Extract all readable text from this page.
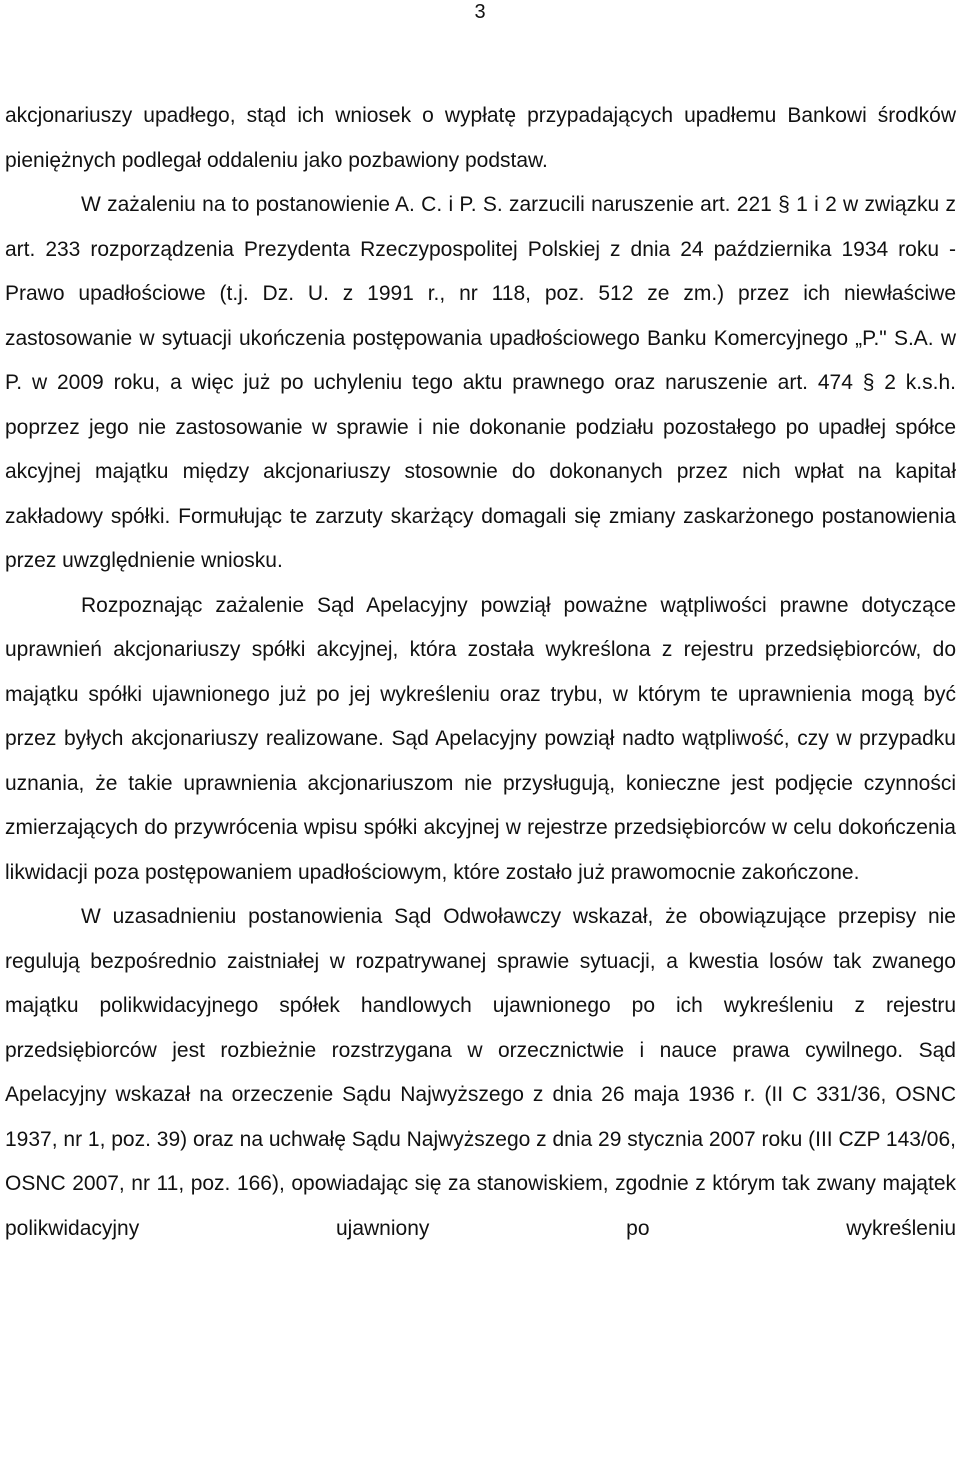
3

akcjonariuszy upadłego, stąd ich wniosek o wypłatę przypadających upadłemu Bankowi środków pieniężnych podlegał oddaleniu jako pozbawiony podstaw.

W zażaleniu na to postanowienie A. C. i P. S. zarzucili naruszenie art. 221 § 1 i 2 w związku z art. 233 rozporządzenia Prezydenta Rzeczypospolitej Polskiej z dnia 24 października 1934 roku - Prawo upadłościowe (t.j. Dz. U. z 1991 r., nr 118, poz. 512 ze zm.) przez ich niewłaściwe zastosowanie w sytuacji ukończenia postępowania upadłościowego Banku Komercyjnego „P." S.A. w P. w 2009 roku, a więc już po uchyleniu tego aktu prawnego oraz naruszenie art. 474 § 2 k.s.h. poprzez jego nie zastosowanie w sprawie i nie dokonanie podziału pozostałego po upadłej spółce akcyjnej majątku między akcjonariuszy stosownie do dokonanych przez nich wpłat na kapitał zakładowy spółki. Formułując te zarzuty skarżący domagali się zmiany zaskarżonego postanowienia przez uwzględnienie wniosku.

Rozpoznając zażalenie Sąd Apelacyjny powziął poważne wątpliwości prawne dotyczące uprawnień akcjonariuszy spółki akcyjnej, która została wykreślona z rejestru przedsiębiorców, do majątku spółki ujawnionego już po jej wykreśleniu oraz trybu, w którym te uprawnienia mogą być przez byłych akcjonariuszy realizowane. Sąd Apelacyjny powziął nadto wątpliwość, czy w przypadku uznania, że takie uprawnienia akcjonariuszom nie przysługują, konieczne jest podjęcie czynności zmierzających do przywrócenia wpisu spółki akcyjnej w rejestrze przedsiębiorców w celu dokończenia likwidacji poza postępowaniem upadłościowym, które zostało już prawomocnie zakończone.

W uzasadnieniu postanowienia Sąd Odwoławczy wskazał, że obowiązujące przepisy nie regulują bezpośrednio zaistniałej w rozpatrywanej sprawie sytuacji, a kwestia losów tak zwanego majątku polikwidacyjnego spółek handlowych ujawnionego po ich wykreśleniu z rejestru przedsiębiorców jest rozbieżnie rozstrzygana w orzecznictwie i nauce prawa cywilnego. Sąd Apelacyjny wskazał na orzeczenie Sądu Najwyższego z dnia 26 maja 1936 r. (II C 331/36, OSNC 1937, nr 1, poz. 39) oraz na uchwałę Sądu Najwyższego z dnia 29 stycznia 2007 roku (III CZP 143/06, OSNC 2007, nr 11, poz. 166), opowiadając się za stanowiskiem, zgodnie z którym tak zwany majątek polikwidacyjny ujawniony po wykreśleniu
